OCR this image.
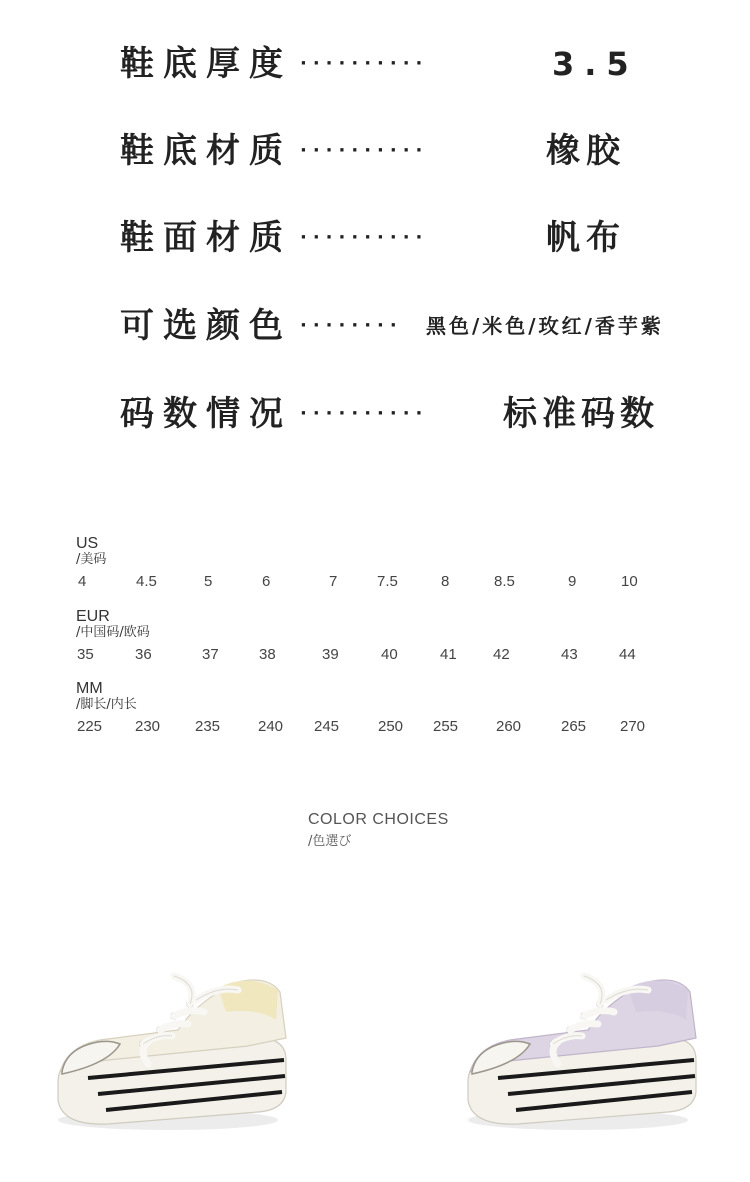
鞋底厚度 ··········	3.5
鞋底材质 ··········	橡胶
鞋面材质 ··········	帆布
可选颜色 ········ 黑色/米色/玫红/香芋紫
码数情况 ·········· 标准码数
US
/美码
4	4.5	5	6	7	7.5	8	8.5	9	10
EUR
/中国码/欧码
35	36	37	38	39	40	41 42	43	44
MM
/脚长/内长
225 230 235	240 245	250 255	260	265 270
COLOR CHOICES
/色選び
